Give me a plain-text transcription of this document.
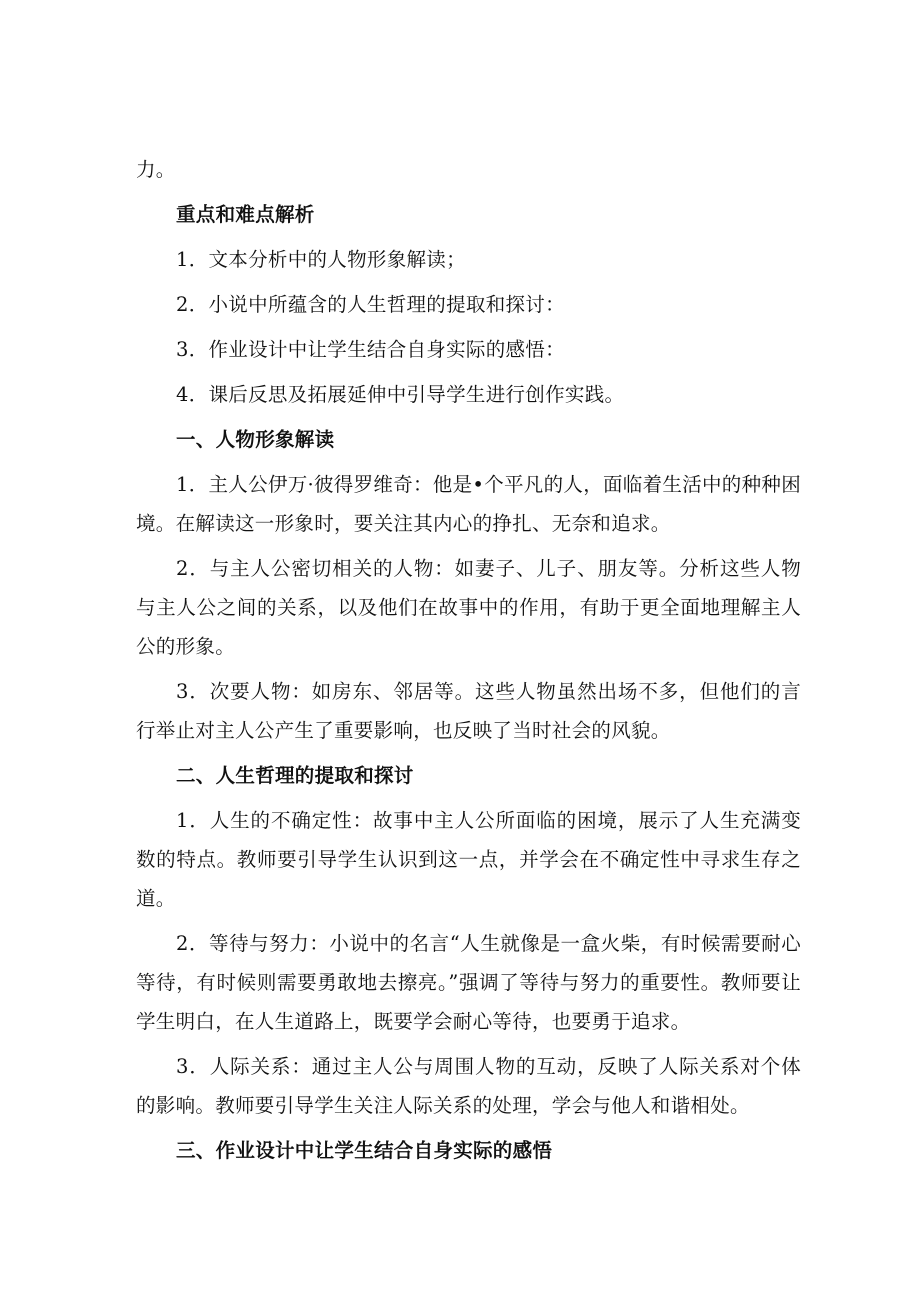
力。

重点和难点解析

1．文本分析中的人物形象解读；

2．小说中所蕴含的人生哲理的提取和探讨：

3．作业设计中让学生结合自身实际的感悟：

4．课后反思及拓展延伸中引导学生进行创作实践。

一、人物形象解读

1．主人公伊万·彼得罗维奇：他是•个平凡的人，面临着生活中的种种困境。在解读这一形象时，要关注其内心的挣扎、无奈和追求。

2．与主人公密切相关的人物：如妻子、儿子、朋友等。分析这些人物与主人公之间的关系，以及他们在故事中的作用，有助于更全面地理解主人公的形象。

3．次要人物：如房东、邻居等。这些人物虽然出场不多，但他们的言行举止对主人公产生了重要影响，也反映了当时社会的风貌。

二、人生哲理的提取和探讨

1．人生的不确定性：故事中主人公所面临的困境，展示了人生充满变数的特点。教师要引导学生认识到这一点，并学会在不确定性中寻求生存之道。

2．等待与努力：小说中的名言“人生就像是一盒火柴，有时候需要耐心等待，有时候则需要勇敢地去擦亮。”强调了等待与努力的重要性。教师要让学生明白，在人生道路上，既要学会耐心等待，也要勇于追求。

3．人际关系：通过主人公与周围人物的互动，反映了人际关系对个体的影响。教师要引导学生关注人际关系的处理，学会与他人和谐相处。

三、作业设计中让学生结合自身实际的感悟
